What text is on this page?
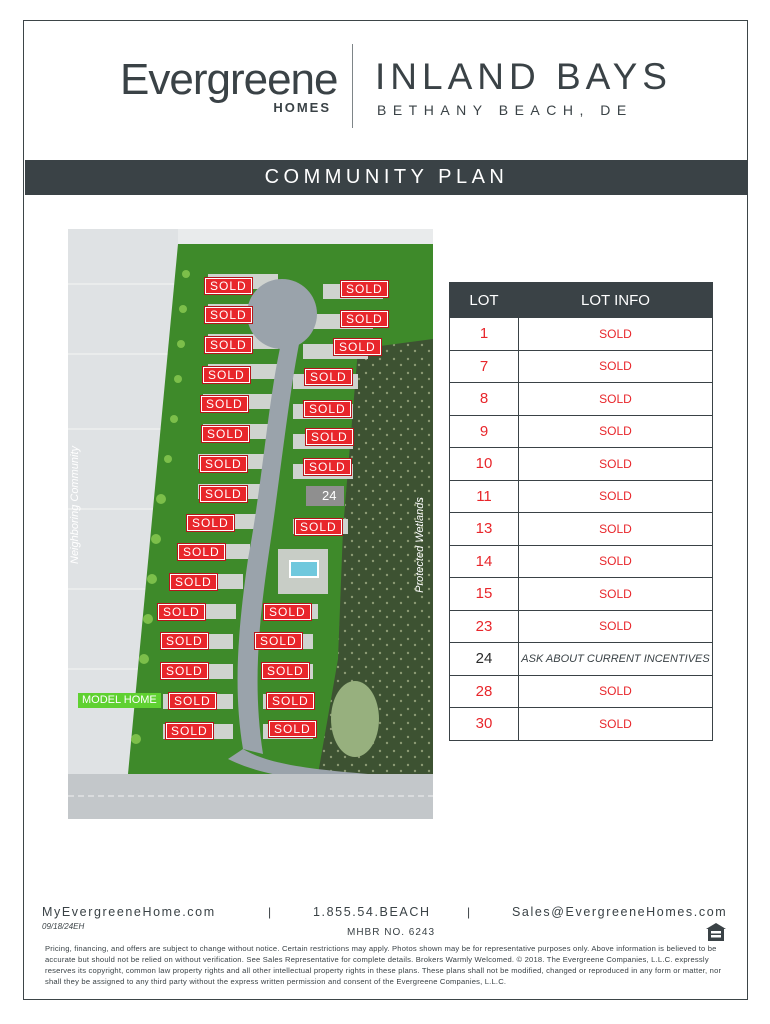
Evergreene
HOMES
INLAND BAYS
BETHANY BEACH, DE
COMMUNITY PLAN
SOLD
SOLD
SOLD
SOLD
SOLD
SOLD
SOLD
SOLD
SOLD
SOLD
SOLD
SOLD
SOLD
SOLD
SOLD
SOLD
SOLD
SOLD
SOLD
SOLD
SOLD
SOLD
SOLD
24
SOLD
SOLD
SOLD
SOLD
SOLD
SOLD
MODEL HOME
Neighboring Community	Protected Wetlands
LOT	LOT INFO
1	SOLD
7	SOLD
8	SOLD
9	SOLD
10	SOLD
11	SOLD
13	SOLD
14	SOLD
15	SOLD
23	SOLD
24	ASK ABOUT CURRENT INCENTIVES
28	SOLD
30	SOLD
MyEvergreeneHome.com	|	1.855.54.BEACH	|	Sales@EvergreeneHomes.com
09/18/24EH
MHBR NO. 6243
Pricing, financing, and offers are subject to change without notice. Certain restrictions may apply. Photos shown may be for representative purposes only. Above information is believed to be accurate but should not be relied on without verification. See Sales Representative for complete details. Brokers Warmly Welcomed. © 2018. The Evergreene Companies, L.L.C. expressly reserves its copyright, common law property rights and all other intellectual property rights in these plans. These plans shall not be modified, changed or reproduced in any form or matter, nor shall they be assigned to any third party without the express written permission and consent of the Evergreene Companies, L.L.C.
